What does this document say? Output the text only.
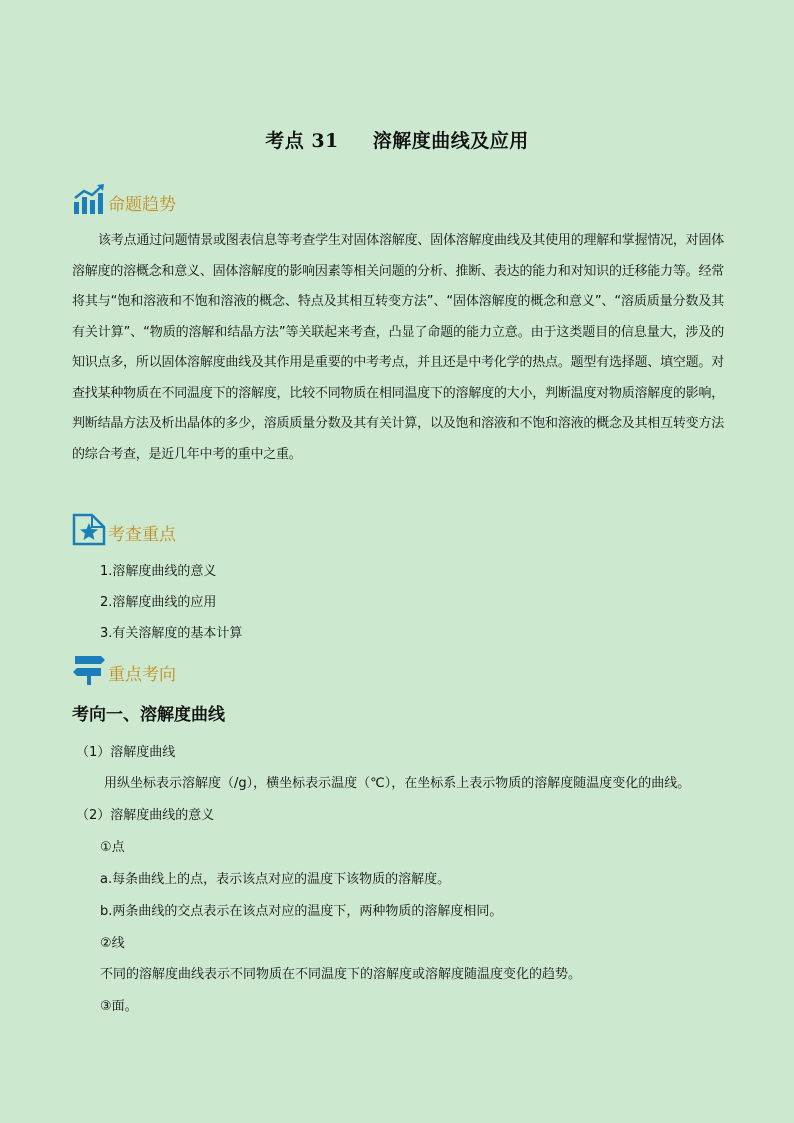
考点 31 溶解度曲线及应用
命题趋势
该考点通过问题情景或图表信息等考查学生对固体溶解度、固体溶解度曲线及其使用的理解和掌握情况，对固体溶解度的溶概念和意义、固体溶解度的影响因素等相关问题的分析、推断、表达的能力和对知识的迁移能力等。经常将其与“饱和溶液和不饱和溶液的概念、特点及其相互转变方法”、“固体溶解度的概念和意义”、“溶质质量分数及其有关计算”、“物质的溶解和结晶方法”等关联起来考查，凸显了命题的能力立意。由于这类题目的信息量大，涉及的知识点多，所以固体溶解度曲线及其作用是重要的中考考点，并且还是中考化学的热点。题型有选择题、填空题。对查找某种物质在不同温度下的溶解度，比较不同物质在相同温度下的溶解度的大小，判断温度对物质溶解度的影响，判断结晶方法及析出晶体的多少，溶质质量分数及其有关计算，以及饱和溶液和不饱和溶液的概念及其相互转变方法的综合考查，是近几年中考的重中之重。
考查重点
1.溶解度曲线的意义
2.溶解度曲线的应用
3.有关溶解度的基本计算
重点考向
考向一、溶解度曲线
（1）溶解度曲线
用纵坐标表示溶解度（/g），横坐标表示温度（℃），在坐标系上表示物质的溶解度随温度变化的曲线。
（2）溶解度曲线的意义
①点
a.每条曲线上的点，表示该点对应的温度下该物质的溶解度。
b.两条曲线的交点表示在该点对应的温度下，两种物质的溶解度相同。
②线
不同的溶解度曲线表示不同物质在不同温度下的溶解度或溶解度随温度变化的趋势。
③面。
